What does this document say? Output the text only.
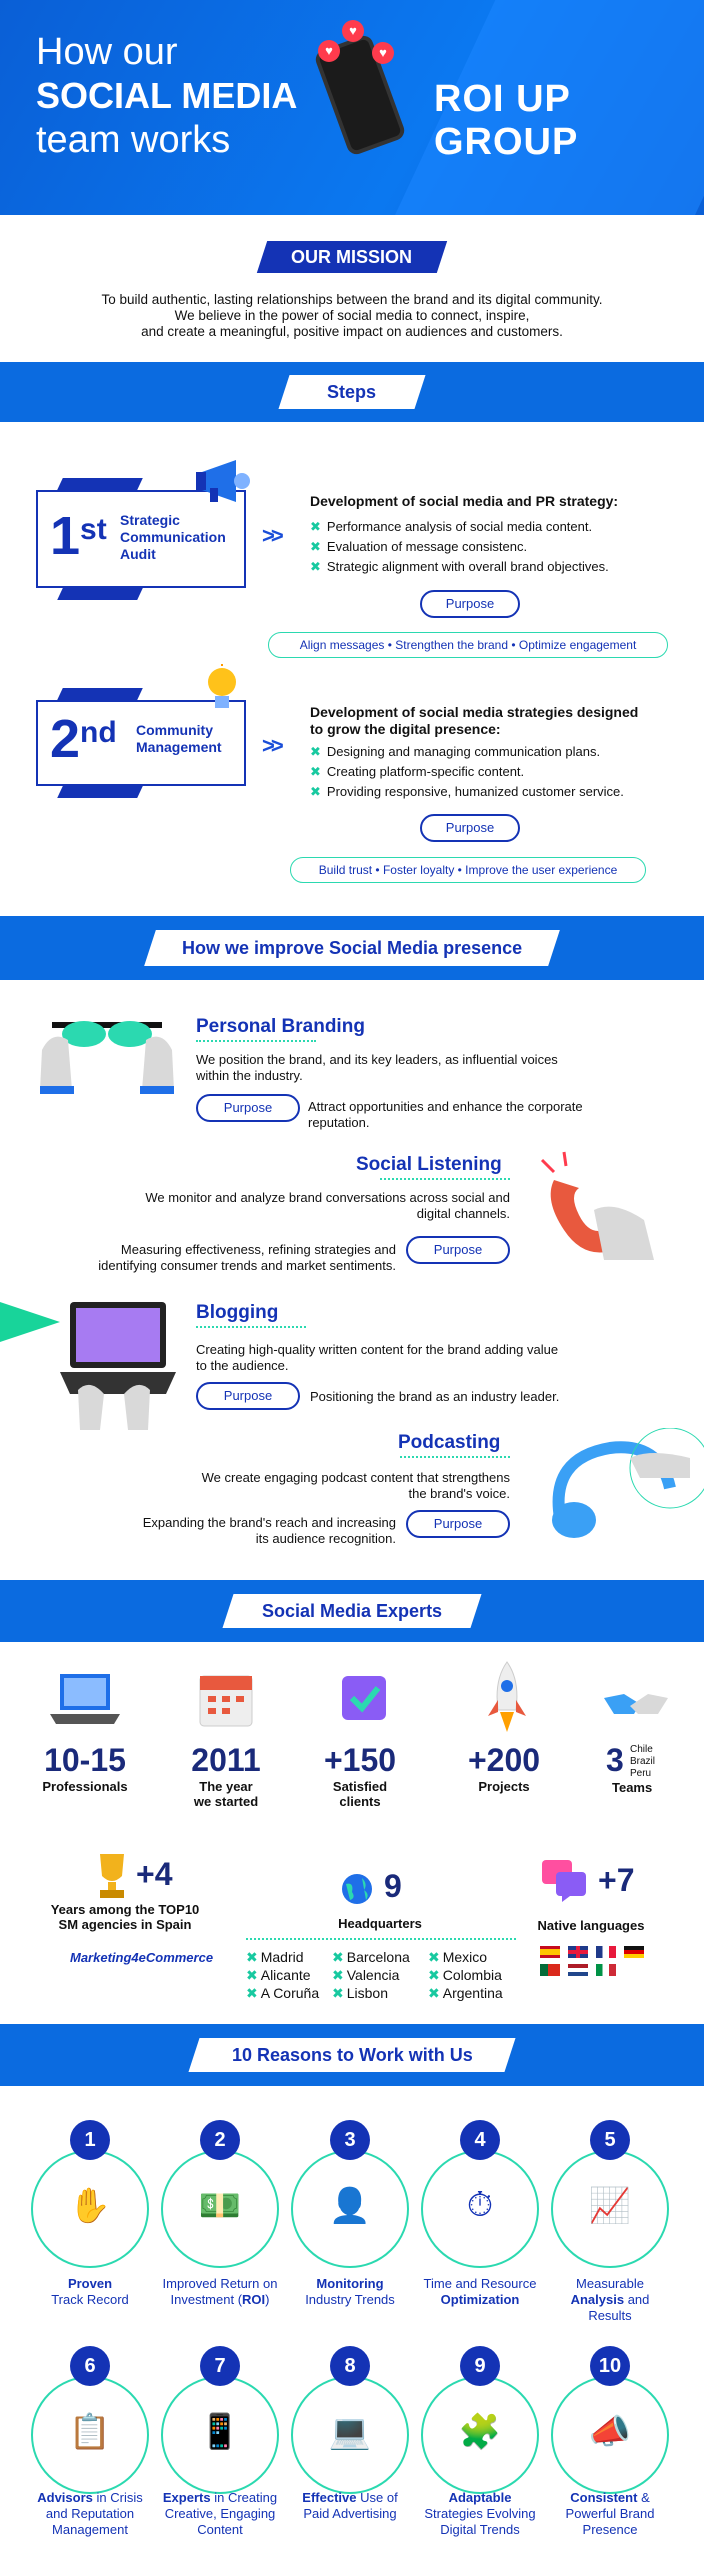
How our
SOCIAL MEDIA
team works
♥
♥
♥
ROI UP GROUP
OUR MISSION
To build authentic, lasting relationships between the brand and its digital community.
We believe in the power of social media to connect, inspire,
and create a meaningful, positive impact on audiences and customers.
Steps
1st Strategic
Communication
Audit
>>
Development of social media and PR strategy:
✖ Performance analysis of social media content.
✖ Evaluation of message consistenc.
✖ Strategic alignment with overall brand objectives.
Purpose
Align messages • Strengthen the brand • Optimize engagement
2nd Community
Management >>
Development of social media strategies designed
to grow the digital presence:
✖ Designing and managing communication plans.
✖ Creating platform-specific content.
✖ Providing responsive, humanized customer service.
Purpose
Build trust • Foster loyalty • Improve the user experience
How we improve Social Media presence
Personal Branding
We position the brand, and its key leaders, as influential voices
within the industry.
Purpose	Attract opportunities and enhance the corporate
reputation.
Social Listening
We monitor and analyze brand conversations across social and
digital channels.
Measuring effectiveness, refining strategies and
identifying consumer trends and market sentiments.
Purpose
Blogging
Creating high-quality written content for the brand adding value
to the audience.
Purpose	Positioning the brand as an industry leader.
Podcasting
We create engaging podcast content that strengthens
the brand's voice.
Expanding the brand's reach and increasing
its audience recognition.
Purpose
Social Media Experts
10-15
Professionals
2011
The year
we started
+150
Satisfied
clients
+200
Projects
3 Chile
Brazil
Peru
Teams
+4
Years among the TOP10
SM agencies in Spain
Marketing4eCommerce
9
Headquarters
✖ Madrid	✖ Barcelona	✖ Mexico
✖ Alicante	✖ Valencia	✖ Colombia
✖ A Coruña ✖ Lisbon	✖ Argentina
+7
Native languages
10 Reasons to Work with Us
1	2	3	4	5
✋	💵	👤	⏱	📈
Proven
Track Record
Improved Return on Investment (ROI)
Monitoring
Industry Trends
Time and Resource
Optimization
Measurable Analysis and Results
6	7	8	9	10
📋	📱	💻	🧩	📣
Advisors in Crisis and Reputation Management
Experts in Creating Creative, Engaging Content
Effective Use of Paid Advertising
Adaptable Strategies Evolving Digital Trends
Consistent & Powerful Brand Presence
